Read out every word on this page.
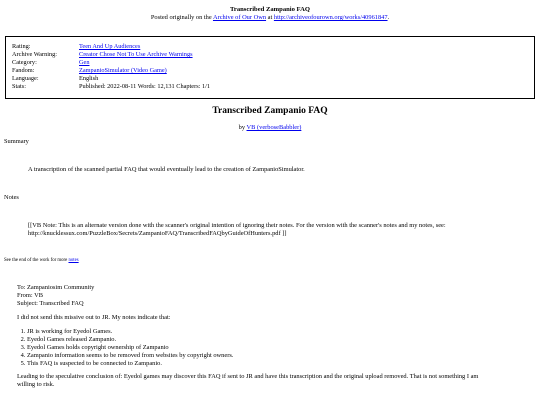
Transcribed Zampanio FAQ
Posted originally on the Archive of Our Own at http://archiveofourown.org/works/40961847.
Rating:	Teen And Up Audiences
Archive Warning:	Creator Chose Not To Use Archive Warnings
Category:	Gen
Fandom:	ZampanioSimulator (Video Game)
Language:	English
Stats:	Published: 2022-08-11 Words: 12,131 Chapters: 1/1
Transcribed Zampanio FAQ
by VB (verboseBabbler)
Summary
A transcription of the scanned partial FAQ that would eventually lead to the creation of ZampanioSimulator.
Notes
[[VB Note: This is an alternate version done with the scanner's original intention of ignoring their notes. For the version with the scanner's notes and my notes, see:
http://knucklessux.com/PuzzleBox/Secrets/ZampanioFAQ/TranscribedFAQbyGuideOfHunters.pdf ]]
See the end of the work for more notes
To: Zampaniosim Community
From: VB
Subject: Transcribed FAQ
I did not send this missive out to JR. My notes indicate that:
1. JR is working for Eyedol Games.
2. Eyedol Games released Zampanio.
3. Eyedol Games holds copyright ownership of Zampanio
4. Zampanio information seems to be removed from websites by copyright owners.
5. This FAQ is suspected to be connected to Zampanio.
Leading to the speculative conclusion of: Eyedol games may discover this FAQ if sent to JR and have this transcription and the original upload removed. That is not something I am
willing to risk.
